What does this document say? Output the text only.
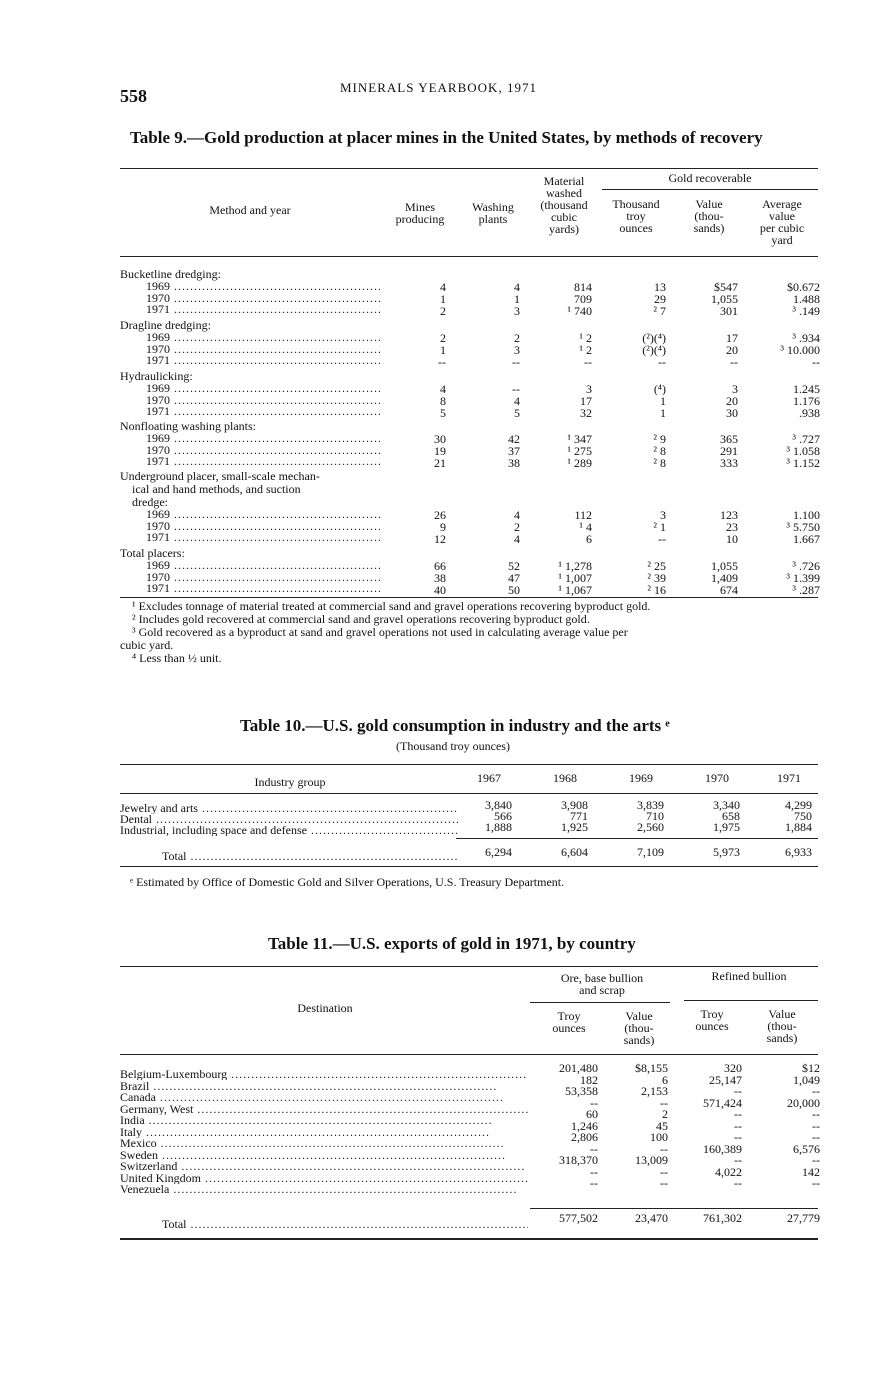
558	MINERALS YEARBOOK, 1971
Table 9.—Gold production at placer mines in the United States, by methods of recovery
Method and year	Mines
producing
Washing
plants
Material
washed
(thousand
cubic
yards)
Gold recoverable
Thousand
troy
ounces
Value
(thou-
sands)
Average
value
per cubic
yard
Bucketline dredging:
1969 .....	4	4	814	13	$547	$0.672
1970 .....	1	1	709	29	1,055	1.488
1971 .....	2	3	¹ 740	² 7	301	³ .149
Dragline dredging:
1969 .....	2	2	¹ 2	(²)(⁴)	17	³ .934
1970 .....	1	3	¹ 2	(²)(⁴)	20	³ 10.000
1971 .....	--	--	--	--	--	--
Hydraulicking:
1969 .....	4	--	3	(⁴)	3	1.245
1970 .....	8	4	17	1	20	1.176
1971 .....	5	5	32	1	30	.938
Nonfloating washing plants:
1969 .....	30	42	¹ 347	² 9	365	³ .727
1970 .....	19	37	¹ 275	² 8	291	³ 1.058
1971 .....	21	38	¹ 289	² 8	333	³ 1.152
Underground placer, small-scale mechan-
ical and hand methods, and suction
dredge:
1969 .....	26	4	112	3	123	1.100
1970 .....	9	2	¹ 4	² 1	23	³ 5.750
1971 .....	12	4	6	--	10	1.667
Total placers:
1969 .....	66	52	¹ 1,278	² 25	1,055	³ .726
1970 .....	38	47	¹ 1,007	² 39	1,409	³ 1.399
1971 .....	40	50	¹ 1,067	² 16	674	³ .287
¹ Excludes tonnage of material treated at commercial sand and gravel operations recovering byproduct gold.
² Includes gold recovered at commercial sand and gravel operations recovering byproduct gold.
³ Gold recovered as a byproduct at sand and gravel operations not used in calculating average value per
cubic yard.
⁴ Less than ½ unit.
Table 10.—U.S. gold consumption in industry and the arts ᵉ
(Thousand troy ounces)
Industry group	1967	1968	1969	1970	1971
Jewelry and arts .....	3,840	3,908	3,839	3,340	4,299
Dental .....	566	771	710	658	750
Industrial, including space and defense .....	1,888	1,925	2,560	1,975	1,884
Total .....	6,294	6,604	7,109	5,973	6,933
ᵉ Estimated by Office of Domestic Gold and Silver Operations, U.S. Treasury Department.
Table 11.—U.S. exports of gold in 1971, by country
Destination
Ore, base bullion
and scrap
Refined bullion
Troy
ounces
Value
(thou-
sands)
Troy
ounces
Value
(thou-
sands)
Belgium-Luxembourg .....	201,480	$8,155	320	$12
Brazil .....	182	6	25,147	1,049
Canada .....	53,358	2,153	--	--
Germany, West .....	--	--	571,424	20,000
India .....	60	2	--	--
Italy .....	1,246	45	--	--
Mexico .....	2,806	100	--	--
Sweden .....	--	--	160,389	6,576
Switzerland .....	318,370	13,009	--	--
United Kingdom .....	--	--	4,022	142
Venezuela .....	--	--	--	--
Total .....	577,502	23,470	761,302	27,779
